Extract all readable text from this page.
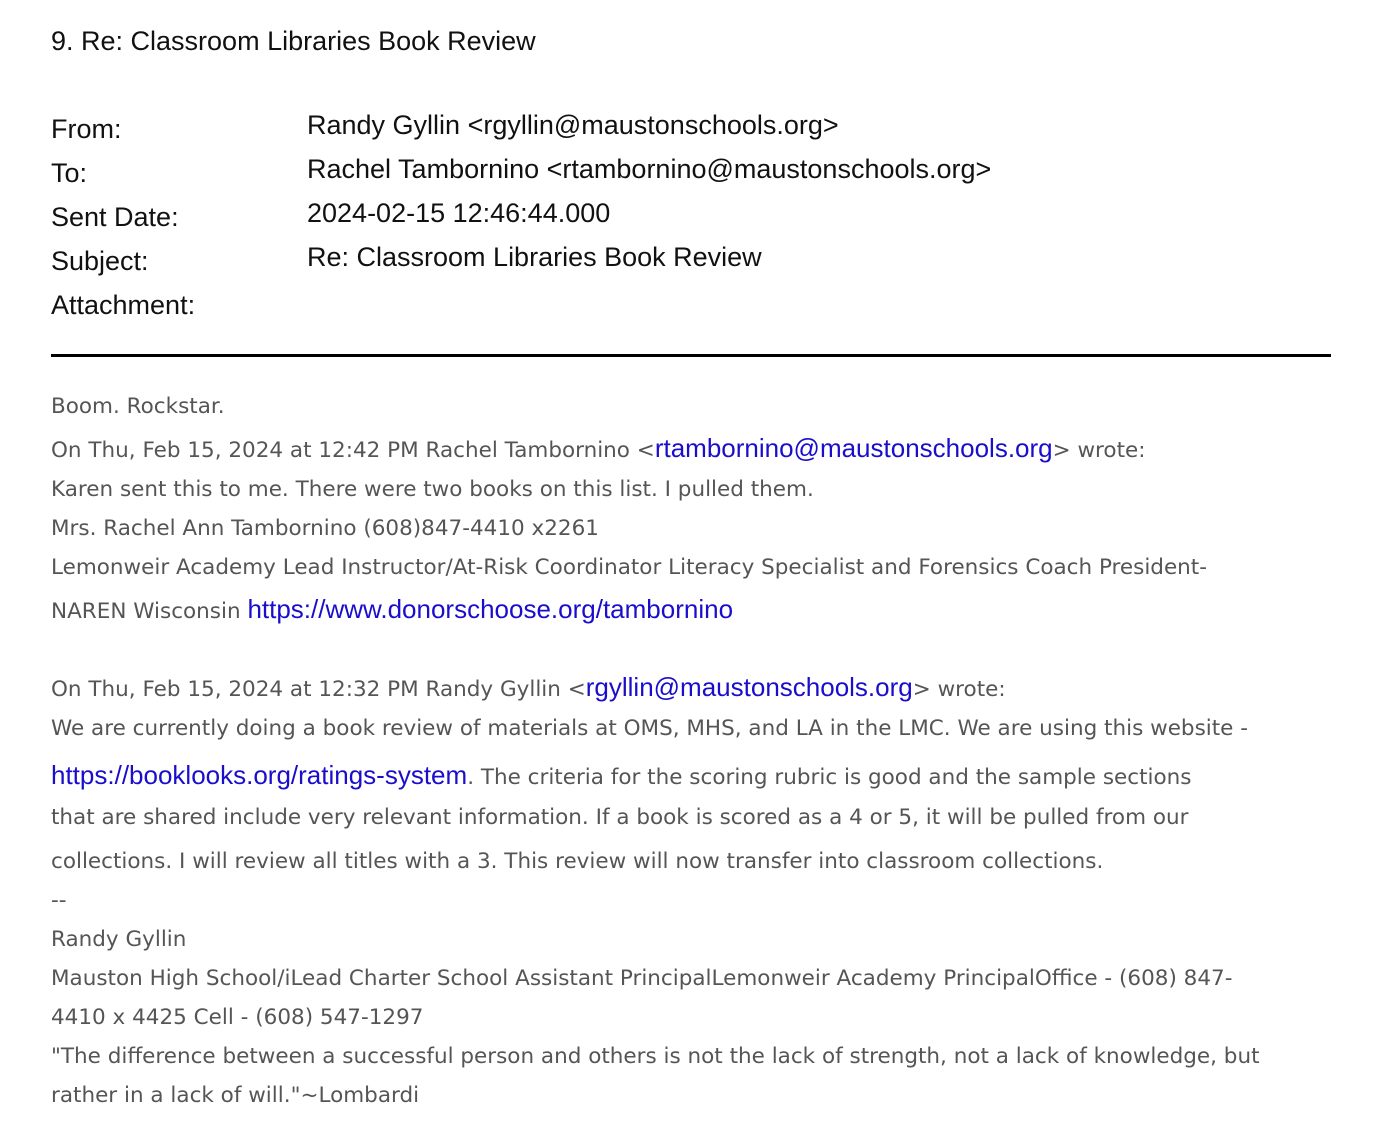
9. Re: Classroom Libraries Book Review
From:	Randy Gyllin <rgyllin@maustonschools.org>
To:	Rachel Tambornino <rtambornino@maustonschools.org>
Sent Date:	2024-02-15 12:46:44.000
Subject:	Re: Classroom Libraries Book Review
Attachment:
Boom. Rockstar.
On Thu, Feb 15, 2024 at 12:42 PM Rachel Tambornino <rtambornino@maustonschools.org> wrote:
Karen sent this to me. There were two books on this list. I pulled them.
Mrs. Rachel Ann Tambornino (608)847-4410 x2261
Lemonweir Academy Lead Instructor/At-Risk Coordinator Literacy Specialist and Forensics Coach President-
NAREN Wisconsin https://www.donorschoose.org/tambornino
On Thu, Feb 15, 2024 at 12:32 PM Randy Gyllin <rgyllin@maustonschools.org> wrote:
We are currently doing a book review of materials at OMS, MHS, and LA in the LMC. We are using this website -
https://booklooks.org/ratings-system. The criteria for the scoring rubric is good and the sample sections
that are shared include very relevant information. If a book is scored as a 4 or 5, it will be pulled from our
collections. I will review all titles with a 3. This review will now transfer into classroom collections.
--
Randy Gyllin
Mauston High School/iLead Charter School Assistant PrincipalLemonweir Academy PrincipalOffice - (608) 847-
4410 x 4425 Cell - (608) 547-1297
"The difference between a successful person and others is not the lack of strength, not a lack of knowledge, but
rather in a lack of will."~Lombardi
